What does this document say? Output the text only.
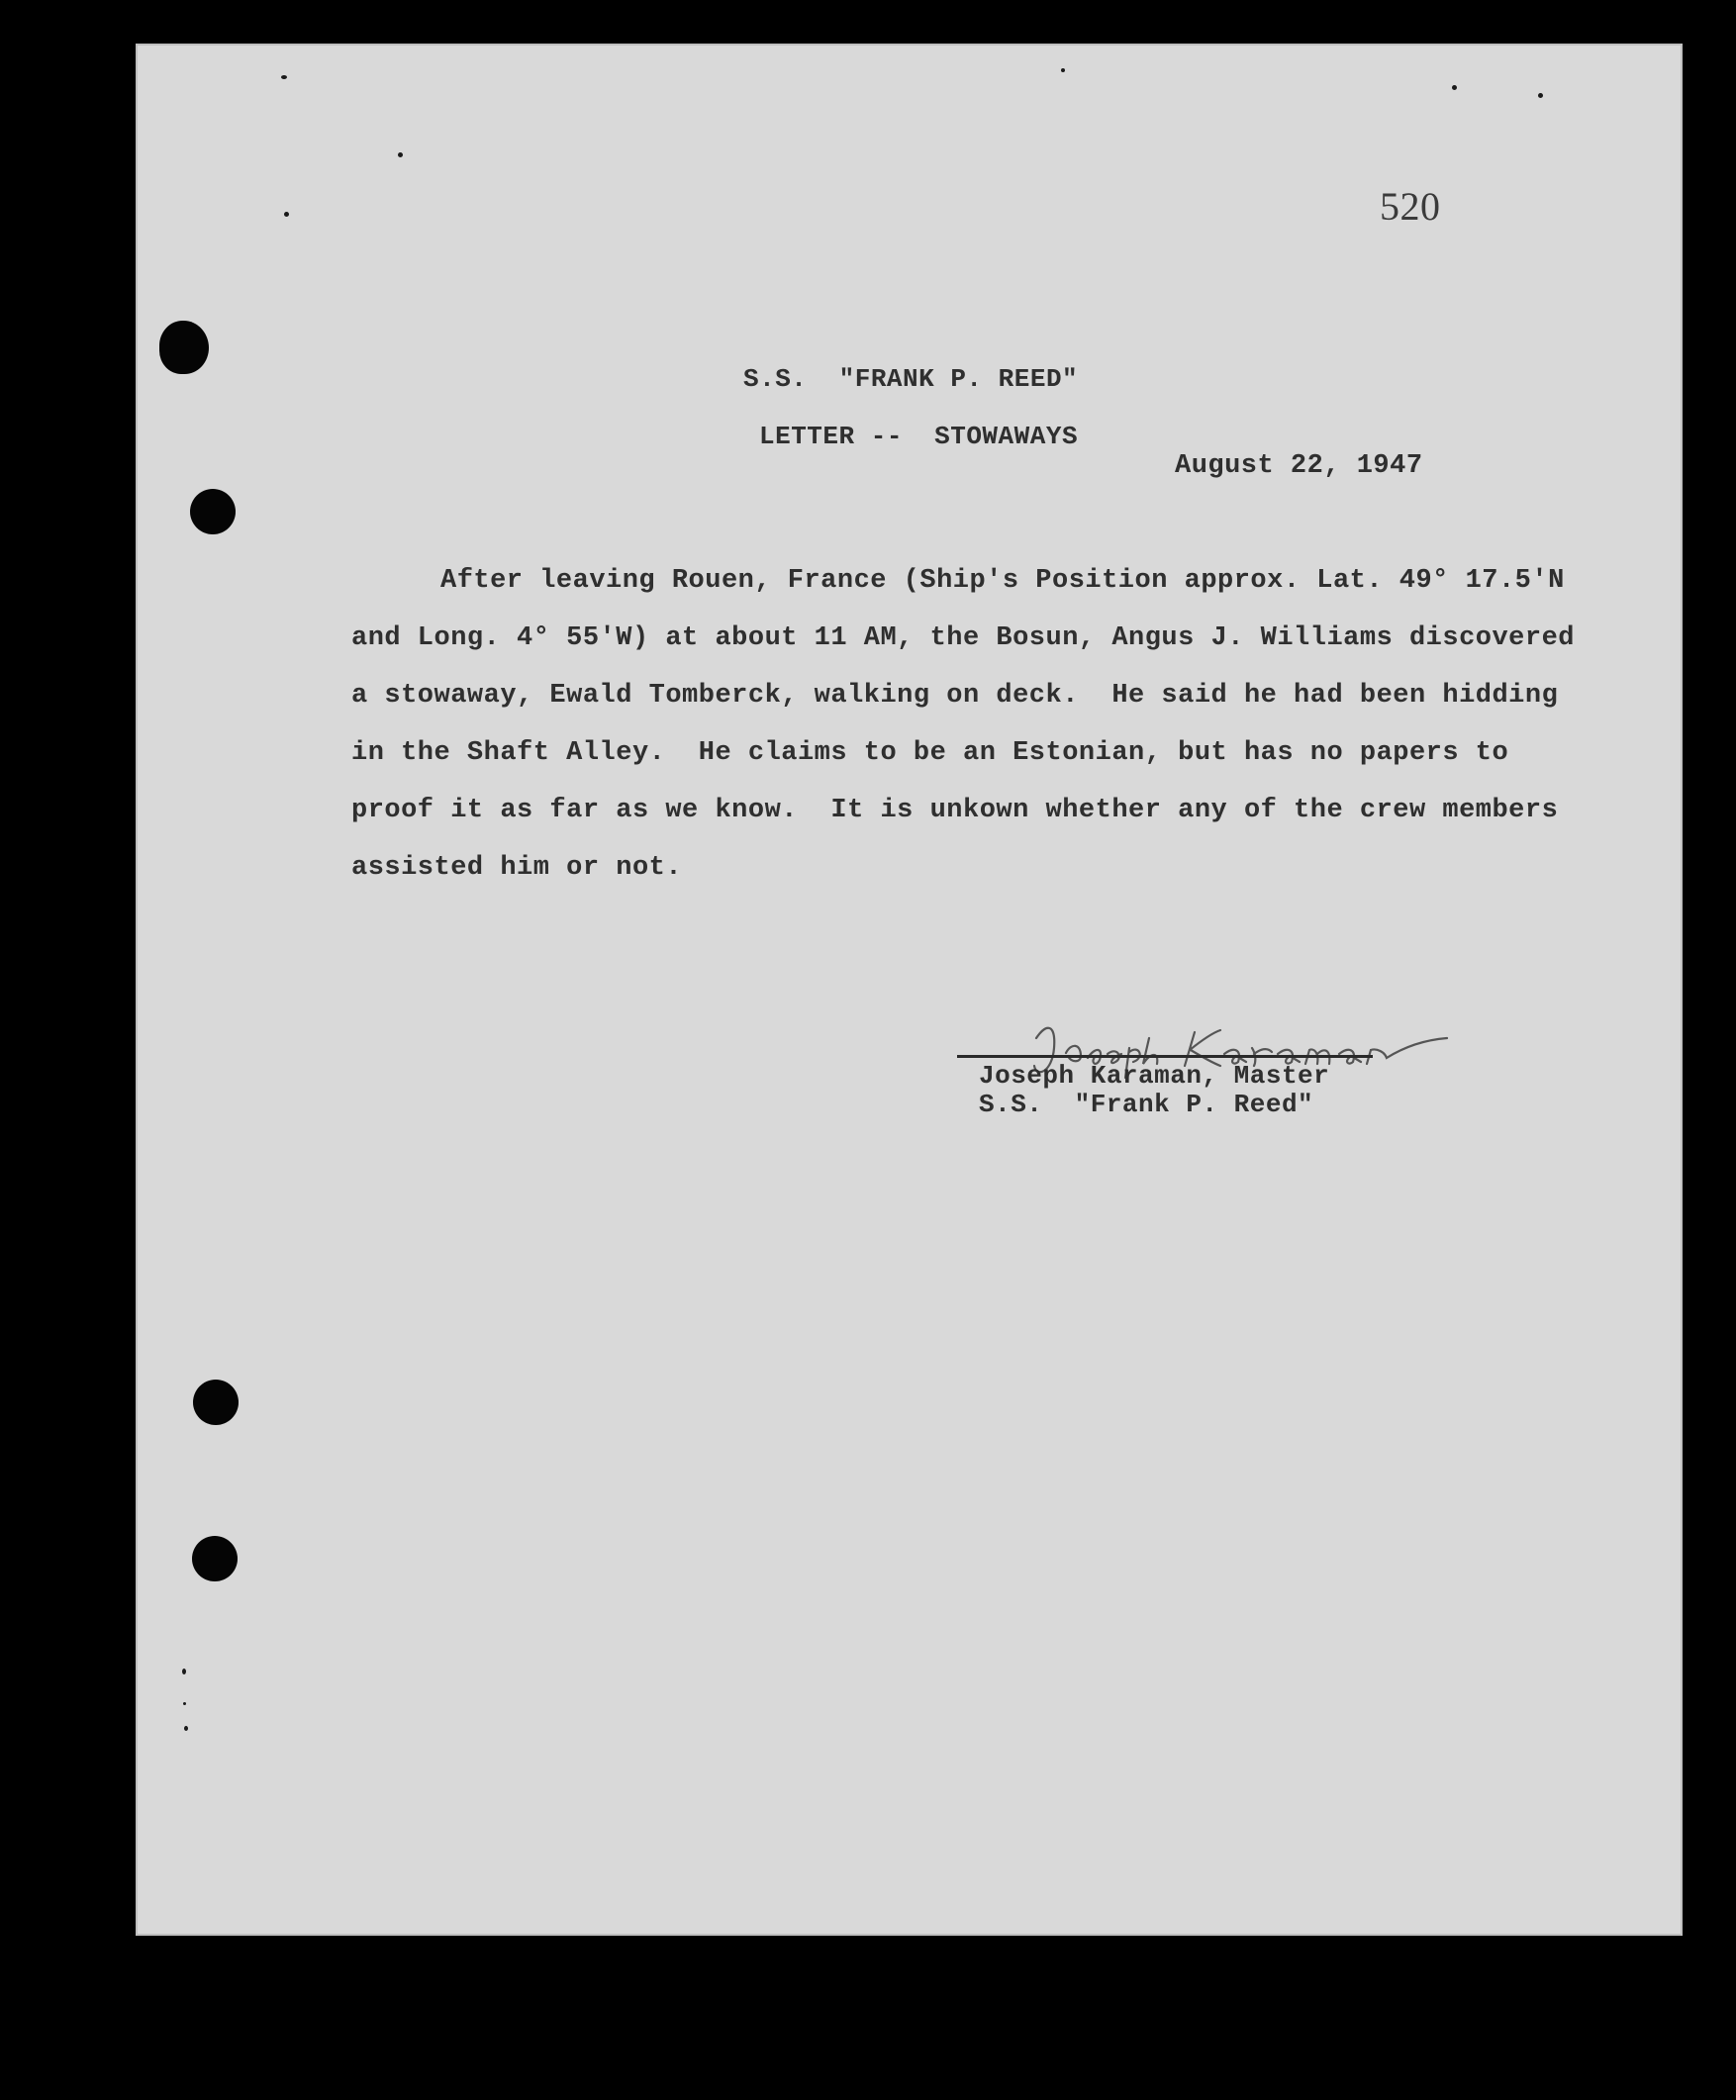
520
S.S.  "FRANK P. REED"
LETTER --  STOWAWAYS
August 22, 1947
After leaving Rouen, France (Ship's Position approx. Lat. 49° 17.5'N
and Long. 4° 55'W) at about 11 AM, the Bosun, Angus J. Williams discovered
a stowaway, Ewald Tomberck, walking on deck.  He said he had been hidding
in the Shaft Alley.  He claims to be an Estonian, but has no papers to
proof it as far as we know.  It is unkown whether any of the crew members
assisted him or not.
Joseph Karaman, Master
S.S.  "Frank P. Reed"
